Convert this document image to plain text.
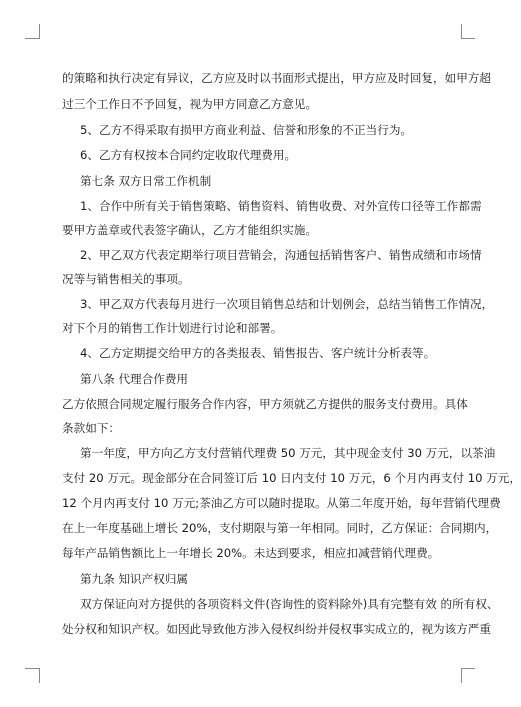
的策略和执行决定有异议，乙方应及时以书面形式提出，甲方应及时回复，如甲方超
过三个工作日不予回复，视为甲方同意乙方意见。
5、乙方不得采取有损甲方商业利益、信誉和形象的不正当行为。
6、乙方有权按本合同约定收取代理费用。
第七条 双方日常工作机制
1、合作中所有关于销售策略、销售资料、销售收费、对外宣传口径等工作都需
要甲方盖章或代表签字确认，乙方才能组织实施。
2、甲乙双方代表定期举行项目营销会，沟通包括销售客户、销售成绩和市场情
况等与销售相关的事项。
3、甲乙双方代表每月进行一次项目销售总结和计划例会，总结当销售工作情况，
对下个月的销售工作计划进行讨论和部署。
4、乙方定期提交给甲方的各类报表、销售报告、客户统计分析表等。
第八条 代理合作费用
乙方依照合同规定履行服务合作内容，甲方须就乙方提供的服务支付费用。具体
条款如下：
第一年度，甲方向乙方支付营销代理费 50 万元，其中现金支付 30 万元，以茶油
支付 20 万元。现金部分在合同签订后 10 日内支付 10 万元，6 个月内再支付 10 万元，
12 个月内再支付 10 万元;茶油乙方可以随时提取。从第二年度开始，每年营销代理费
在上一年度基础上增长 20%，支付期限与第一年相同。同时，乙方保证：合同期内，
每年产品销售额比上一年增长 20%。未达到要求，相应扣减营销代理费。
第九条 知识产权归属
双方保证向对方提供的各项资料文件(咨询性的资料除外)具有完整有效 的所有权、
处分权和知识产权。如因此导致他方涉入侵权纠纷并侵权事实成立的，视为该方严重
